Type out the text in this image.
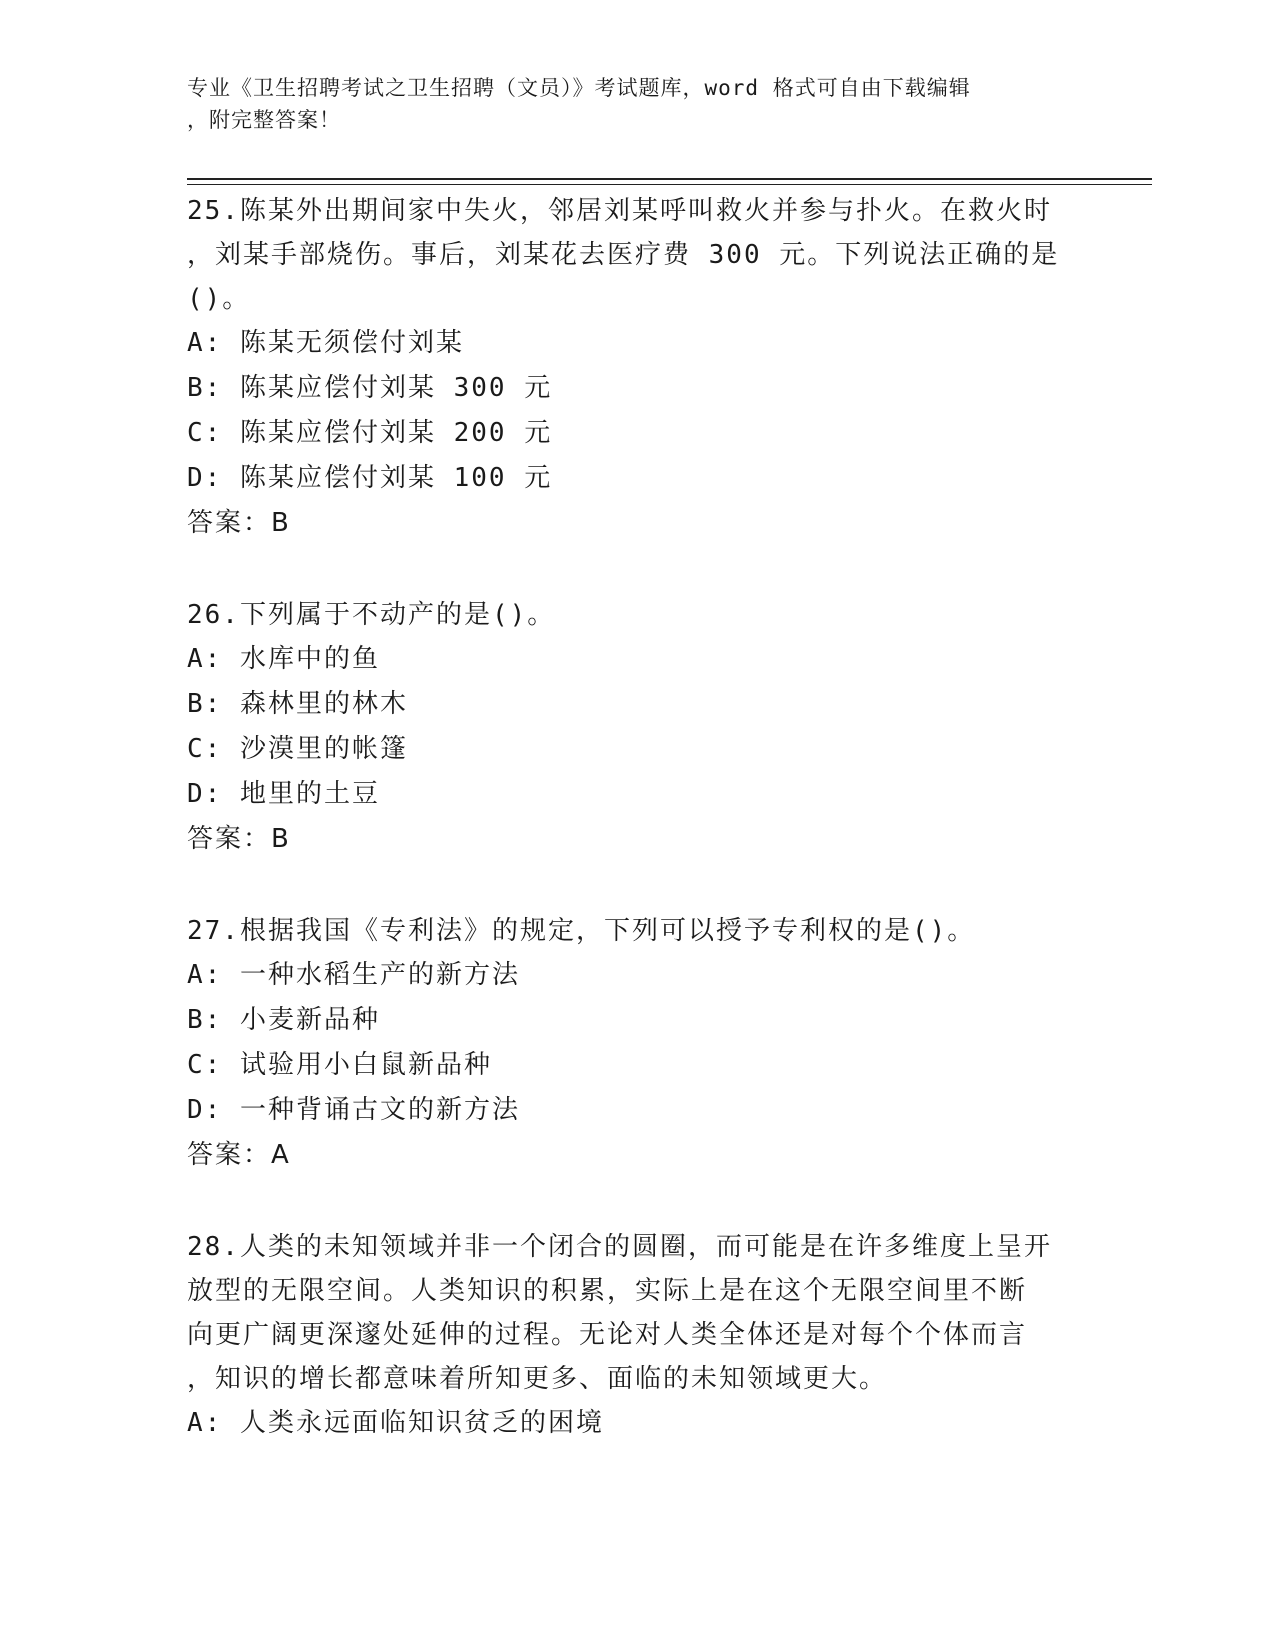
专业《卫生招聘考试之卫生招聘（文员）》考试题库，word 格式可自由下载编辑
，附完整答案！

25.陈某外出期间家中失火，邻居刘某呼叫救火并参与扑火。在救火时

，刘某手部烧伤。事后，刘某花去医疗费 300 元。下列说法正确的是

()。

A: 陈某无须偿付刘某

B: 陈某应偿付刘某 300 元

C: 陈某应偿付刘某 200 元

D: 陈某应偿付刘某 100 元

答案：B

26.下列属于不动产的是()。

A: 水库中的鱼

B: 森林里的林木

C: 沙漠里的帐篷

D: 地里的土豆

答案：B

27.根据我国《专利法》的规定，下列可以授予专利权的是()。

A: 一种水稻生产的新方法

B: 小麦新品种

C: 试验用小白鼠新品种

D: 一种背诵古文的新方法

答案：A

28.人类的未知领域并非一个闭合的圆圈，而可能是在许多维度上呈开

放型的无限空间。人类知识的积累，实际上是在这个无限空间里不断

向更广阔更深邃处延伸的过程。无论对人类全体还是对每个个体而言

，知识的增长都意味着所知更多、面临的未知领域更大。

A: 人类永远面临知识贫乏的困境
